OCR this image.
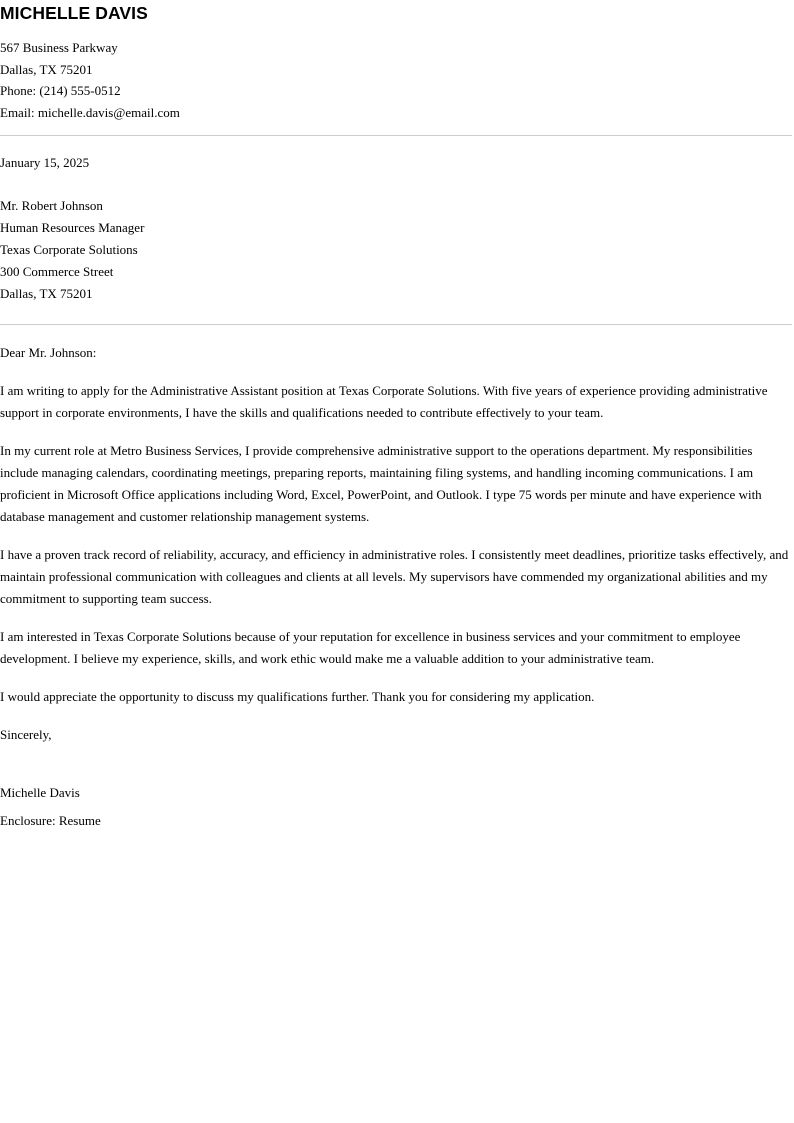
MICHELLE DAVIS
567 Business Parkway
Dallas, TX 75201
Phone: (214) 555-0512
Email: michelle.davis@email.com
January 15, 2025
Mr. Robert Johnson
Human Resources Manager
Texas Corporate Solutions
300 Commerce Street
Dallas, TX 75201
Dear Mr. Johnson:

I am writing to apply for the Administrative Assistant position at Texas Corporate Solutions. With five years of experience providing administrative support in corporate environments, I have the skills and qualifications needed to contribute effectively to your team.

In my current role at Metro Business Services, I provide comprehensive administrative support to the operations department. My responsibilities include managing calendars, coordinating meetings, preparing reports, maintaining filing systems, and handling incoming communications. I am proficient in Microsoft Office applications including Word, Excel, PowerPoint, and Outlook. I type 75 words per minute and have experience with database management and customer relationship management systems.

I have a proven track record of reliability, accuracy, and efficiency in administrative roles. I consistently meet deadlines, prioritize tasks effectively, and maintain professional communication with colleagues and clients at all levels. My supervisors have commended my organizational abilities and my commitment to supporting team success.

I am interested in Texas Corporate Solutions because of your reputation for excellence in business services and your commitment to employee development. I believe my experience, skills, and work ethic would make me a valuable addition to your administrative team.

I would appreciate the opportunity to discuss my qualifications further. Thank you for considering my application.

Sincerely,
Michelle Davis
Enclosure: Resume
